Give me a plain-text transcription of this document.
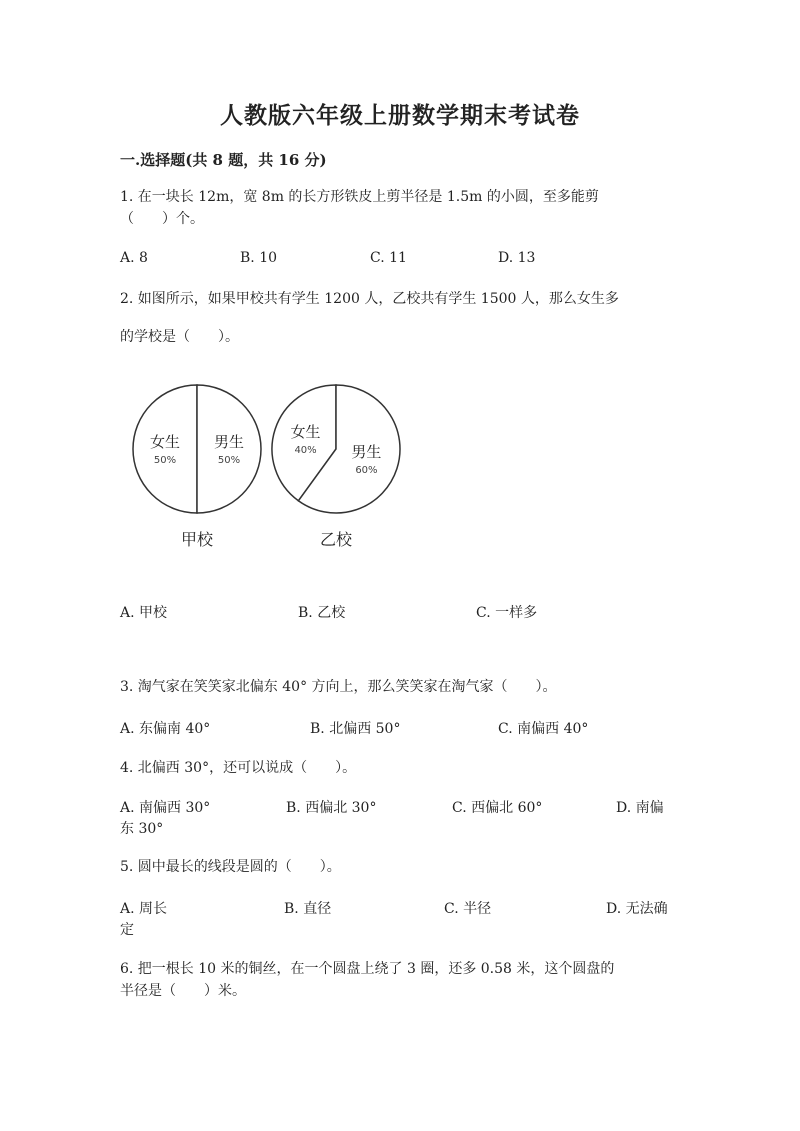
人教版六年级上册数学期末考试卷
一.选择题(共 8 题，共 16 分)
1. 在一块长 12m，宽 8m 的长方形铁皮上剪半径是 1.5m 的小圆，至多能剪
（　　）个。
A. 8	B. 10	C. 11	D. 13
2. 如图所示，如果甲校共有学生 1200 人，乙校共有学生 1500 人，那么女生多
的学校是（　　）。
女生
50%
男生
50%
甲校
女生
40% 男生
60%
乙校
A. 甲校	B. 乙校	C. 一样多
3. 淘气家在笑笑家北偏东 40° 方向上，那么笑笑家在淘气家（　　）。
A. 东偏南 40°	B. 北偏西 50°	C. 南偏西 40°
4. 北偏西 30°，还可以说成（　　）。
A. 南偏西 30°	B. 西偏北 30°	C. 西偏北 60°	D. 南偏
东 30°
5. 圆中最长的线段是圆的（　　）。
A. 周长	B. 直径	C. 半径	D. 无法确
定
6. 把一根长 10 米的铜丝，在一个圆盘上绕了 3 圈，还多 0.58 米，这个圆盘的
半径是（　　）米。
